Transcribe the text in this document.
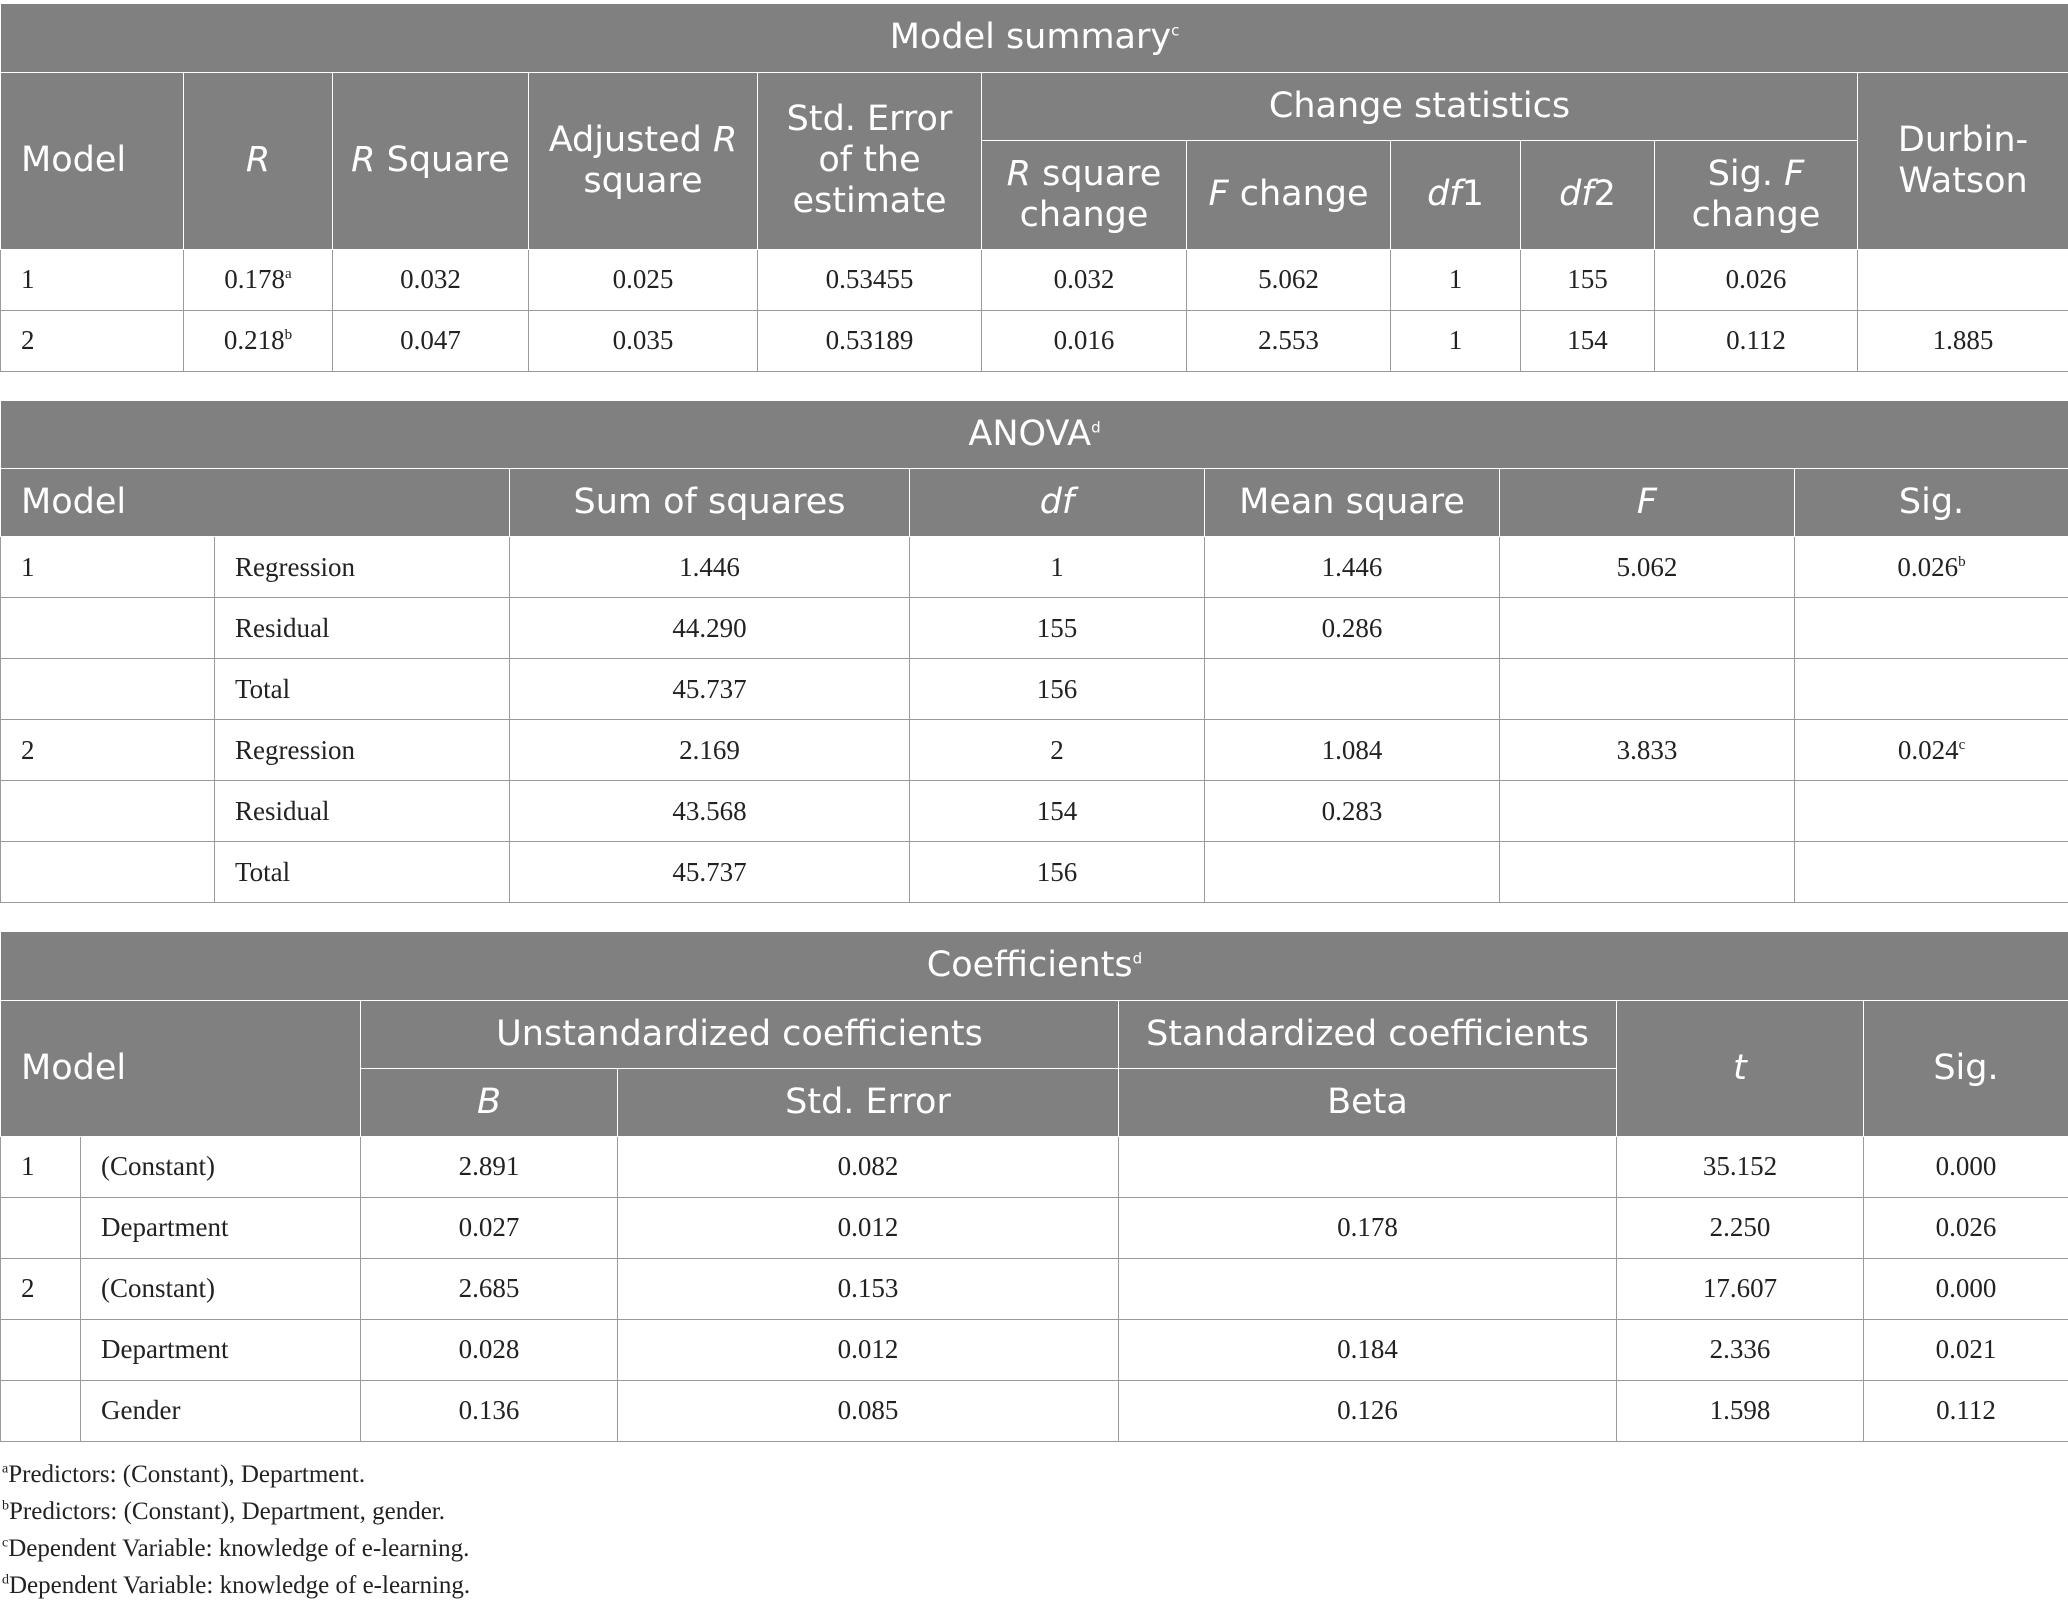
Model summary$^c$
Model	R	R Square	Adjusted R
square	Std. Error
of the
estimate	Change statistics					Durbin-
Watson
					R square
change	F change	df1	df2	Sig. F
change	
1	0.178$^a$	0.032	0.025	0.53455	0.032	5.062	1	155	0.026	
2	0.218$^b$	0.047	0.035	0.53189	0.016	2.553	1	154	0.112	1.885
ANOVA$^d$
Model		Sum of squares	df	Mean square	F	Sig.
1	Regression	1.446	1	1.446	5.062	0.026$^b$
	Residual	44.290	155	0.286		
	Total	45.737	156			
2	Regression	2.169	2	1.084	3.833	0.024$^c$
	Residual	43.568	154	0.283		
	Total	45.737	156			
Coefficients$^d$
Model		Unstandardized coefficients		Standardized coefficients	t	Sig.
		B	Std. Error	Beta		
1	(Constant)	2.891	0.082		35.152	0.000
	Department	0.027	0.012	0.178	2.250	0.026
2	(Constant)	2.685	0.153		17.607	0.000
	Department	0.028	0.012	0.184	2.336	0.021
	Gender	0.136	0.085	0.126	1.598	0.112
$^a$Predictors: (Constant), Department.
$^b$Predictors: (Constant), Department, gender.
$^c$Dependent Variable: knowledge of e-learning.
$^d$Dependent Variable: knowledge of e-learning.
